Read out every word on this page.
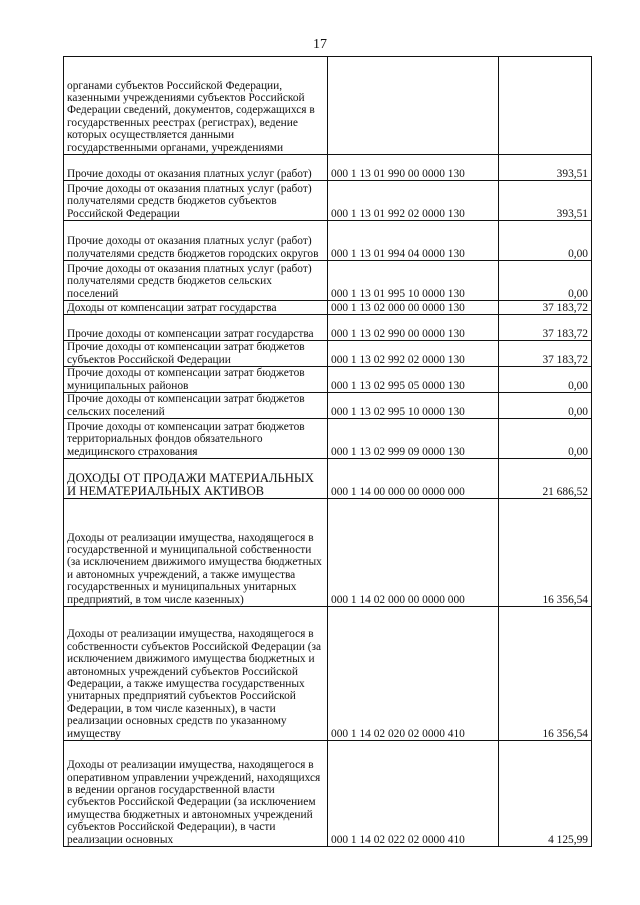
17
органами субъектов Российской Федерации, казенными учреждениями субъектов Российской Федерации сведений, документов, содержащихся в государственных реестрах (регистрах), ведение которых осуществляется данными государственными органами, учреждениями		
Прочие доходы от оказания платных услуг (работ)	000 1 13 01 990 00 0000 130	393,51
Прочие доходы от оказания платных услуг (работ) получателями средств бюджетов субъектов Российской Федерации	000 1 13 01 992 02 0000 130	393,51
Прочие доходы от оказания платных услуг (работ) получателями средств бюджетов городских округов	000 1 13 01 994 04 0000 130	0,00
Прочие доходы от оказания платных услуг (работ) получателями средств бюджетов сельских поселений	000 1 13 01 995 10 0000 130	0,00
Доходы от компенсации затрат государства	000 1 13 02 000 00 0000 130	37 183,72
Прочие доходы от компенсации затрат государства	000 1 13 02 990 00 0000 130	37 183,72
Прочие доходы от компенсации затрат бюджетов субъектов Российской Федерации	000 1 13 02 992 02 0000 130	37 183,72
Прочие доходы от компенсации затрат бюджетов муниципальных районов	000 1 13 02 995 05 0000 130	0,00
Прочие доходы от компенсации затрат бюджетов сельских поселений	000 1 13 02 995 10 0000 130	0,00
Прочие доходы от компенсации затрат бюджетов территориальных фондов обязательного медицинского страхования	000 1 13 02 999 09 0000 130	0,00
ДОХОДЫ ОТ ПРОДАЖИ МАТЕРИАЛЬНЫХ И НЕМАТЕРИАЛЬНЫХ АКТИВОВ	000 1 14 00 000 00 0000 000	21 686,52
Доходы от реализации имущества, находящегося в государственной и муниципальной собственности (за исключением движимого имущества бюджетных и автономных учреждений, а также имущества государственных и муниципальных унитарных предприятий, в том числе казенных)	000 1 14 02 000 00 0000 000	16 356,54
Доходы от реализации имущества, находящегося в собственности субъектов Российской Федерации (за исключением движимого имущества бюджетных и автономных учреждений субъектов Российской Федерации, а также имущества государственных унитарных предприятий субъектов Российской Федерации, в том числе казенных), в части реализации основных средств по указанному имуществу	000 1 14 02 020 02 0000 410	16 356,54
Доходы от реализации имущества, находящегося в оперативном управлении учреждений, находящихся в ведении органов государственной власти субъектов Российской Федерации (за исключением имущества бюджетных и автономных учреждений субъектов Российской Федерации), в части реализации основных	000 1 14 02 022 02 0000 410	4 125,99
